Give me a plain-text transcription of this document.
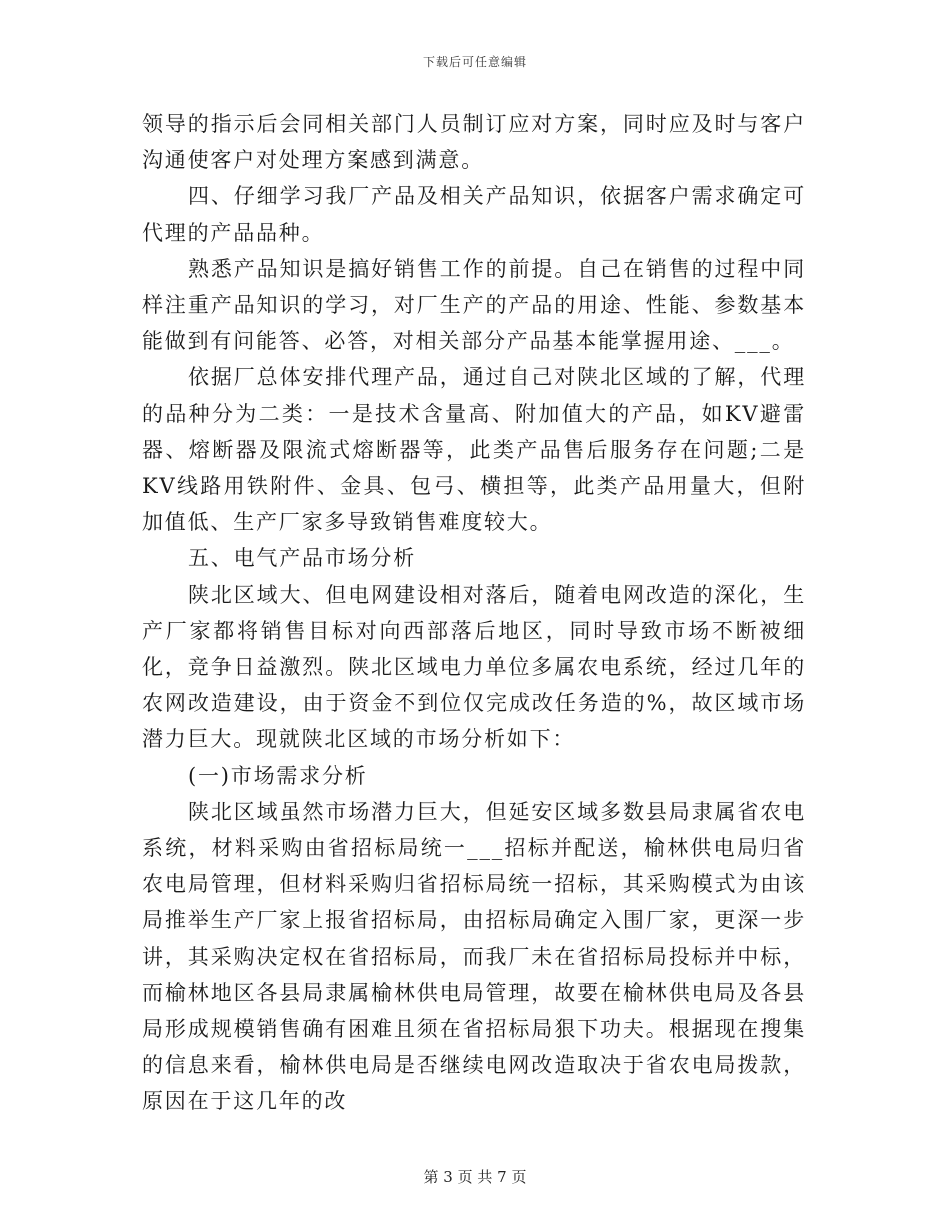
下载后可任意编辑

领导的指示后会同相关部门人员制订应对方案，同时应及时与客户沟通使客户对处理方案感到满意。

四、仔细学习我厂产品及相关产品知识，依据客户需求确定可代理的产品品种。

熟悉产品知识是搞好销售工作的前提。自己在销售的过程中同样注重产品知识的学习，对厂生产的产品的用途、性能、参数基本能做到有问能答、必答，对相关部分产品基本能掌握用途、___。

依据厂总体安排代理产品，通过自己对陕北区域的了解，代理的品种分为二类：一是技术含量高、附加值大的产品，如KV避雷器、熔断器及限流式熔断器等，此类产品售后服务存在问题;二是KV线路用铁附件、金具、包弓、横担等，此类产品用量大，但附加值低、生产厂家多导致销售难度较大。

五、电气产品市场分析

陕北区域大、但电网建设相对落后，随着电网改造的深化，生产厂家都将销售目标对向西部落后地区，同时导致市场不断被细化，竞争日益激烈。陕北区域电力单位多属农电系统，经过几年的农网改造建设，由于资金不到位仅完成改任务造的%，故区域市场潜力巨大。现就陕北区域的市场分析如下：

(一)市场需求分析

陕北区域虽然市场潜力巨大，但延安区域多数县局隶属省农电系统，材料采购由省招标局统一___招标并配送，榆林供电局归省农电局管理，但材料采购归省招标局统一招标，其采购模式为由该局推举生产厂家上报省招标局，由招标局确定入围厂家，更深一步讲，其采购决定权在省招标局，而我厂未在省招标局投标并中标，而榆林地区各县局隶属榆林供电局管理，故要在榆林供电局及各县局形成规模销售确有困难且须在省招标局狠下功夫。根据现在搜集的信息来看，榆林供电局是否继续电网改造取决于省农电局拨款，原因在于这几年的改

第 3 页 共 7 页
